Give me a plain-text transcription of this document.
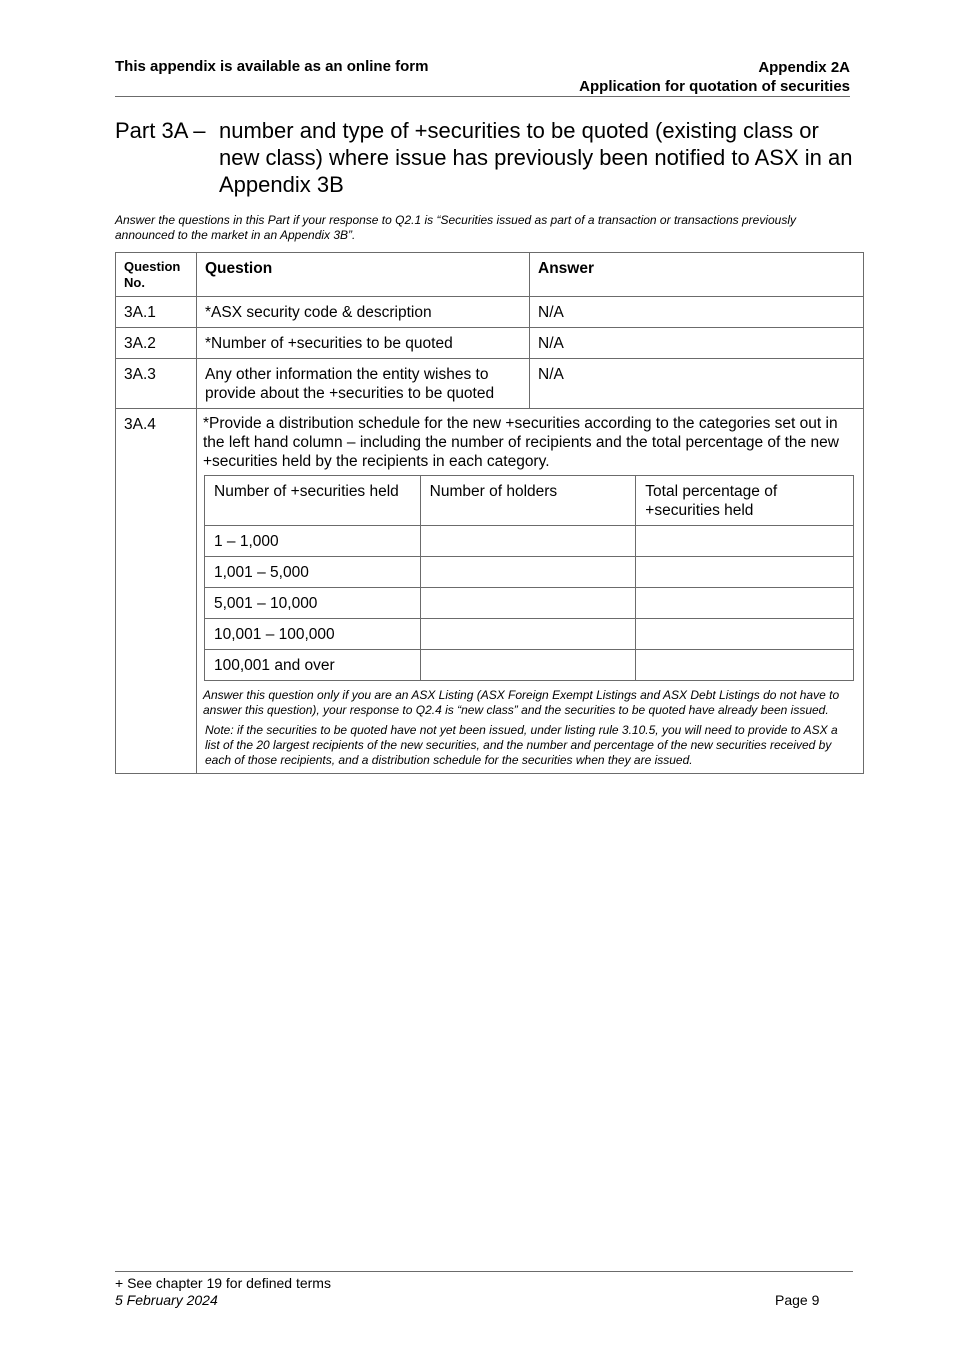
This appendix is available as an online form	Appendix 2A
Application for quotation of securities
Part 3A – number and type of +securities to be quoted (existing class or new class) where issue has previously been notified to ASX in an Appendix 3B
Answer the questions in this Part if your response to Q2.1 is “Securities issued as part of a transaction or transactions previously announced to the market in an Appendix 3B”.
Question No.	Question	Answer
3A.1	*ASX security code & description	N/A
3A.2	*Number of +securities to be quoted	N/A
3A.3	Any other information the entity wishes to provide about the +securities to be quoted	N/A
3A.4	*Provide a distribution schedule for the new +securities according to the categories set out in the left hand column – including the number of recipients and the total percentage of the new +securities held by the recipients in each category.
Number of +securities held	Number of holders	Total percentage of +securities held
1 – 1,000		
1,001 – 5,000		
5,001 – 10,000		
10,001 – 100,000		
100,001 and over		
Answer this question only if you are an ASX Listing (ASX Foreign Exempt Listings and ASX Debt Listings do not have to answer this question), your response to Q2.4 is “new class” and the securities to be quoted have already been issued.
Note: if the securities to be quoted have not yet been issued, under listing rule 3.10.5, you will need to provide to ASX a list of the 20 largest recipients of the new securities, and the number and percentage of the new securities received by each of those recipients, and a distribution schedule for the securities when they are issued.
+ See chapter 19 for defined terms
5 February 2024	Page 9
